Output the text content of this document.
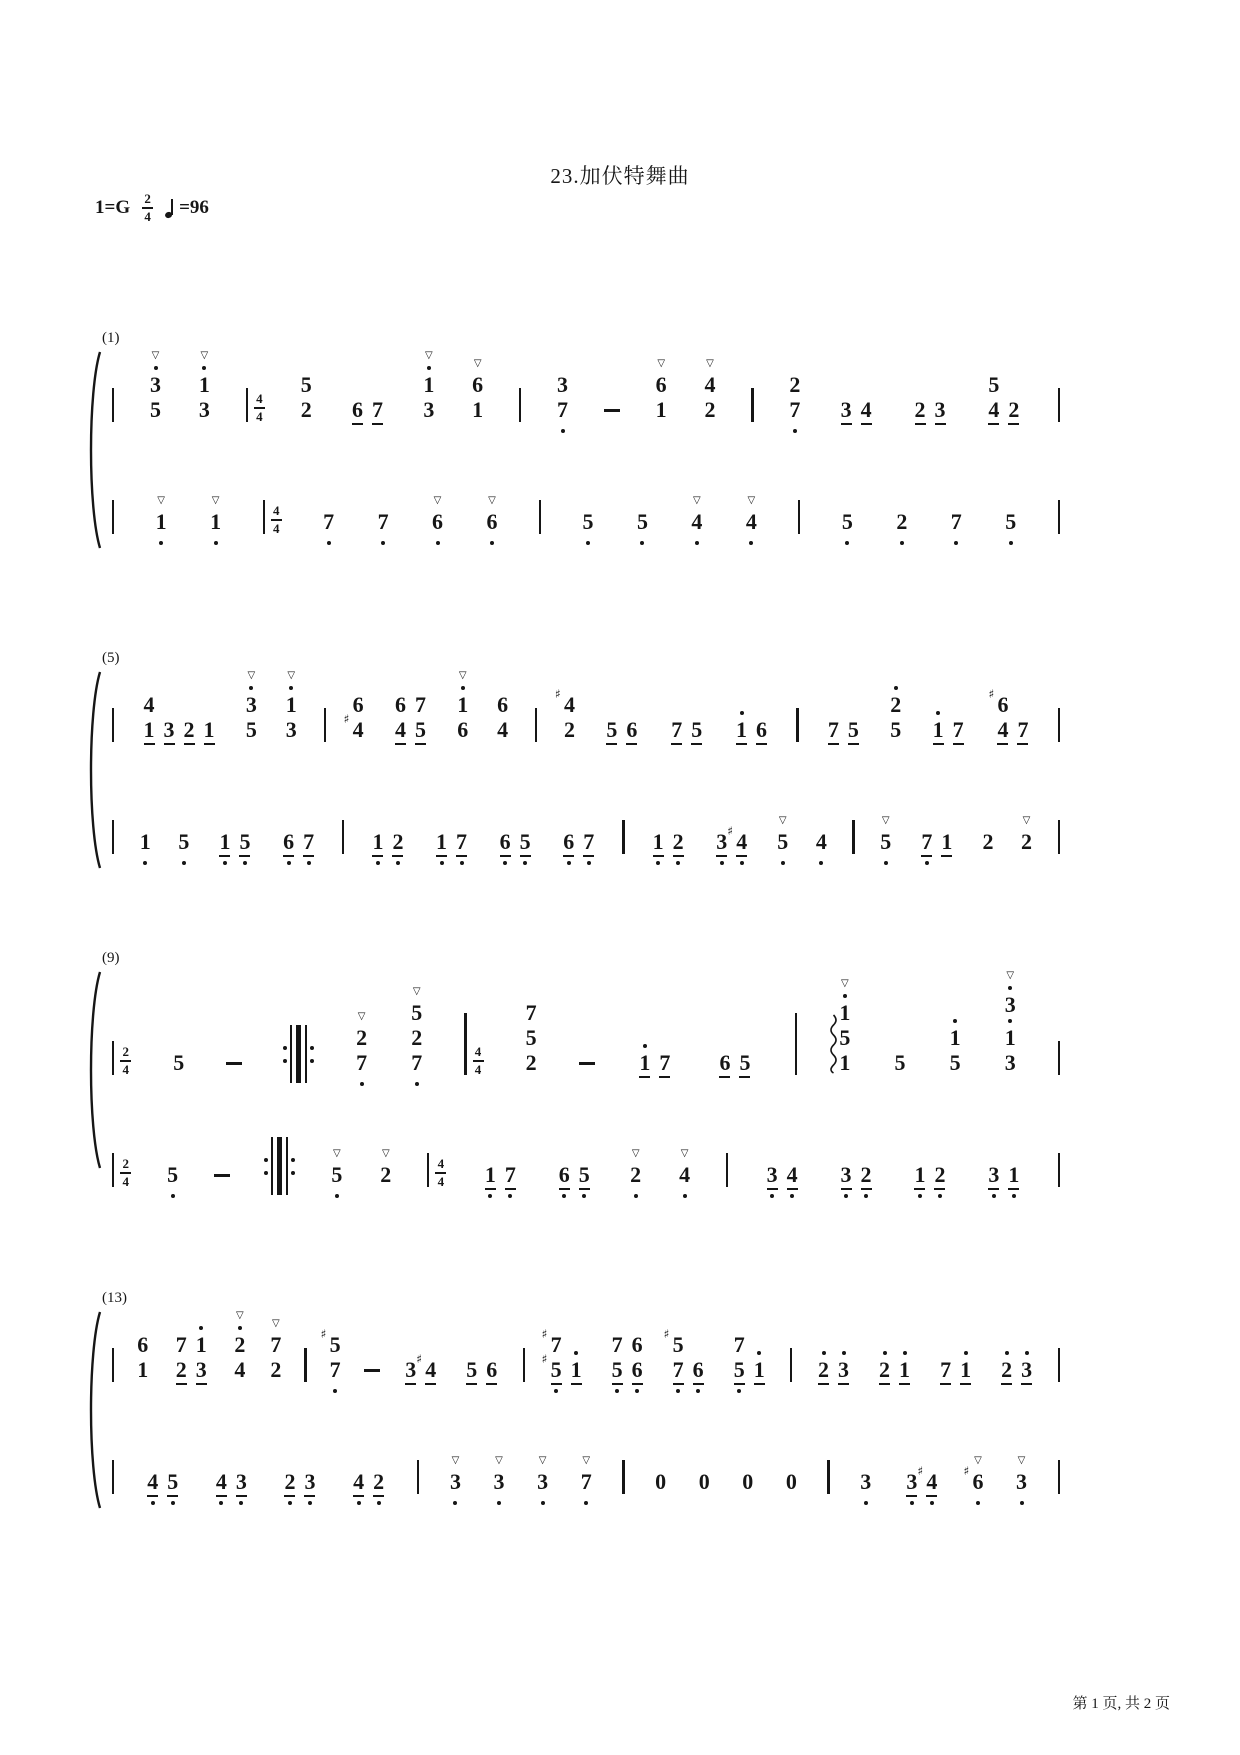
23.加伏特舞曲
$1=G \frac{2}{4} =96$
(1)
▽
3
5
▽
1
3	$\frac{4}{4}$
5
2 6 7
▽
1
3
▽
6
1
3
7
▽
6
1
▽
4
2
2
7 3 4 2 3
5
4 2
▽
1
▽
1	$\frac{4}{4} 7$ 7
▽
6
▽
6	5 5
▽
4
▽
4	5 2 7 5
(5)
4
1 3 2 1
▽
3
5
▽
1
3
6
♯ 4
6
4
7
5
▽
1
6
6
4
♯ 4
2 5 6 7 5 1 6	7 5
2
5 1 7
♯ 6
4 7
1 5 1 5 6 7	1 2 1 7 6 5 6 7	1 2 3 ♯ 4
▽
5 4
▽
5 7 1 2
▽
2
(9)
$\frac{2}{4} 5$
▽
2
7
▽
5
2
7	$\frac{4}{4}$
7
5
2	1 7 6 5
▽
1
5
1 5
1
5
▽
3
1
3
$\frac{2}{4} 5$
▽
5
▽
2	$\frac{4}{4} 1$ 7 6 5
▽
2
▽
4	3 4 3 2 1 2 3 1
(13)
6
1
7
2
1
3
▽
2
4
▽
7
2
♯ 5
7	3 ♯ 4 5 6
♯ 7
♯ 5 1
7
5
6
6
♯ 5
7 6
7
5 1 2 3 2 1 7 1 2 3
4 5 4 3 2 3 4 2
▽
3
▽
3
▽
3
▽
7	0 0 0 0	3 3 ♯ 4
▽
♯ 6
▽
3
第 1 页, 共 2 页
